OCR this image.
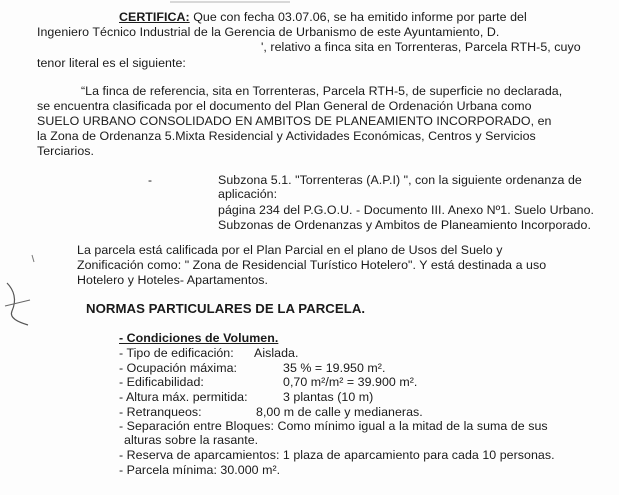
CERTIFICA: Que con fecha 03.07.06, se ha emitido informe por parte del
Ingeniero Técnico Industrial de la Gerencia de Urbanismo de este Ayuntamiento, D.
', relativo a finca sita en Torrenteras, Parcela RTH-5, cuyo
tenor literal es el siguiente:
“La finca de referencia, sita en Torrenteras, Parcela RTH-5, de superficie no declarada,
se encuentra clasificada por el documento del Plan General de Ordenación Urbana como
SUELO URBANO CONSOLIDADO EN AMBITOS DE PLANEAMIENTO INCORPORADO, en
la Zona de Ordenanza 5.Mixta Residencial y Actividades Económicas, Centros y Servicios
Terciarios.
-	Subzona 5.1. "Torrenteras (A.P.I) ", con la siguiente ordenanza de
aplicación:
página 234 del P.G.O.U. - Documento III. Anexo Nº1. Suelo Urbano.
Subzonas de Ordenanzas y Ambitos de Planeamiento Incorporado.
La parcela está calificada por el Plan Parcial en el plano de Usos del Suelo y
Zonificación como: " Zona de Residencial Turístico Hotelero". Y está destinada a uso
Hotelero y Hoteles- Apartamentos.
NORMAS PARTICULARES DE LA PARCELA.
- Condiciones de Volumen.
- Tipo de edificación: Aislada.
- Ocupación máxima:	35 % = 19.950 m².
- Edificabilidad:	0,70 m²/m² = 39.900 m².
- Altura máx. permitida:	3 plantas (10 m)
- Retranqueos:	8,00 m de calle y medianeras.
- Separación entre Bloques: Como mínimo igual a la mitad de la suma de sus
alturas sobre la rasante.
- Reserva de aparcamientos: 1 plaza de aparcamiento para cada 10 personas.
- Parcela mínima: 30.000 m².
